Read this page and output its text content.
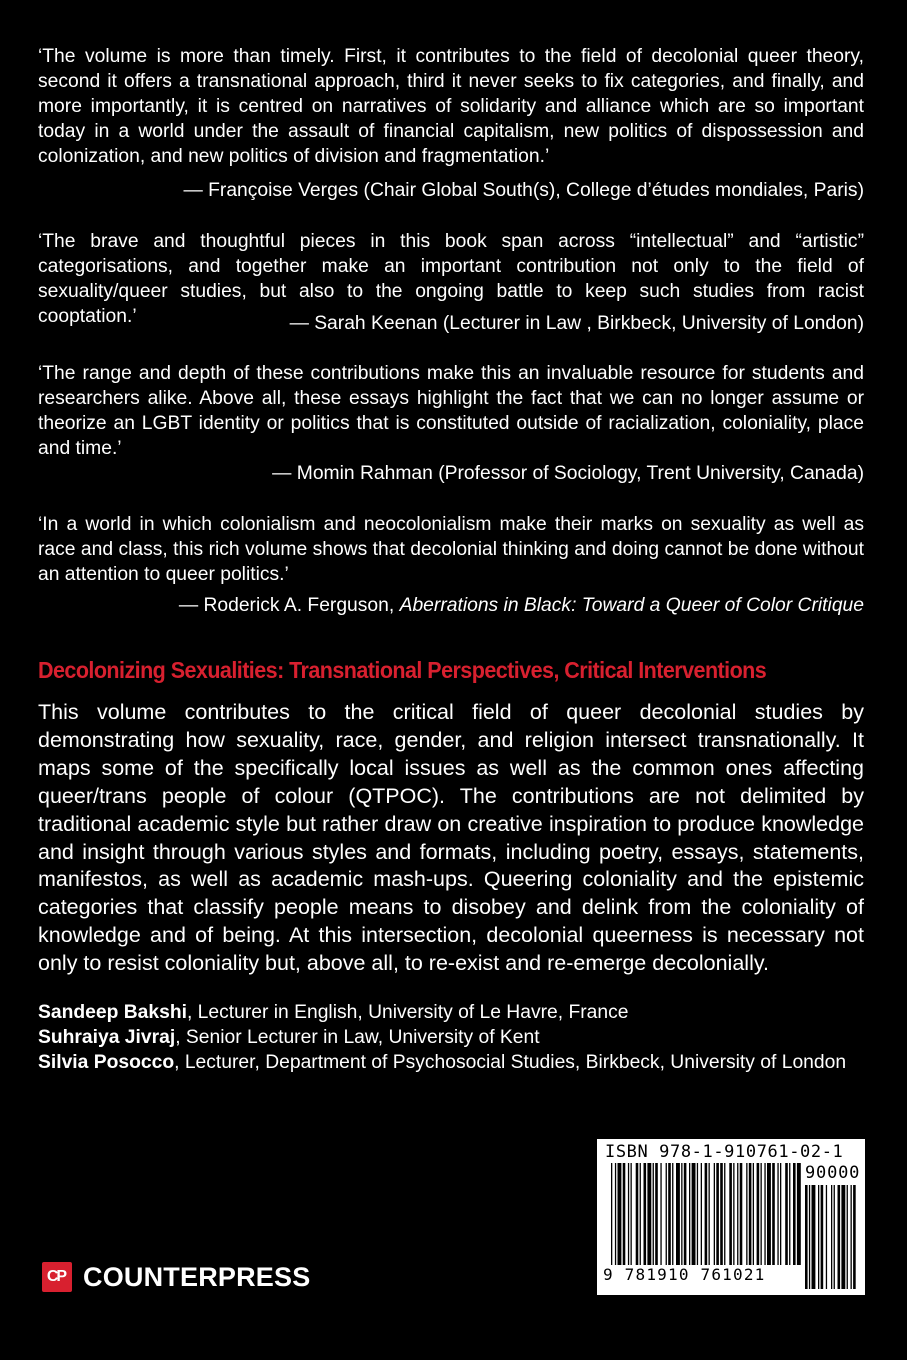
‘The volume is more than timely. First, it contributes to the field of decolonial queer theory, second it offers a transnational approach, third it never seeks to fix categories, and finally, and more importantly, it is centred on narratives of solidarity and alliance which are so important today in a world under the assault of financial capitalism, new politics of dispossession and colonization, and new politics of division and fragmentation.’

— Françoise Verges (Chair Global South(s), College d’études mondiales, Paris)

‘The brave and thoughtful pieces in this book span across “intellectual” and “artistic” categorisations, and together make an important contribution not only to the field of sexuality/queer studies, but also to the ongoing battle to keep such studies from racist cooptation.’	— Sarah Keenan (Lecturer in Law , Birkbeck, University of London)

‘The range and depth of these contributions make this an invaluable resource for students and researchers alike. Above all, these essays highlight the fact that we can no longer assume or theorize an LGBT identity or politics that is constituted outside of racialization, coloniality, place and time.’

— Momin Rahman (Professor of Sociology, Trent University, Canada)

‘In a world in which colonialism and neocolonialism make their marks on sexuality as well as race and class, this rich volume shows that decolonial thinking and doing cannot be done without an attention to queer politics.’

— Roderick A. Ferguson, Aberrations in Black: Toward a Queer of Color Critique

Decolonizing Sexualities: Transnational Perspectives, Critical Interventions

This volume contributes to the critical field of queer decolonial studies by demonstrating how sexuality, race, gender, and religion intersect transnationally. It maps some of the specifically local issues as well as the common ones affecting queer/trans people of colour (QTPOC). The contributions are not delimited by traditional academic style but rather draw on creative inspiration to produce knowledge and insight through various styles and formats, including poetry, essays, statements, manifestos, as well as academic mash-ups. Queering coloniality and the epistemic categories that classify people means to disobey and delink from the coloniality of knowledge and of being. At this intersection, decolonial queerness is necessary not only to resist coloniality but, above all, to re-exist and re-emerge decolonially.

Sandeep Bakshi, Lecturer in English, University of Le Havre, France
Suhraiya Jivraj, Senior Lecturer in Law, University of Kent
Silvia Posocco, Lecturer, Department of Psychosocial Studies, Birkbeck, University of London
CP COUNTERPRESS
ISBN 978-1-910761-02-1
90000
9 781910 761021
